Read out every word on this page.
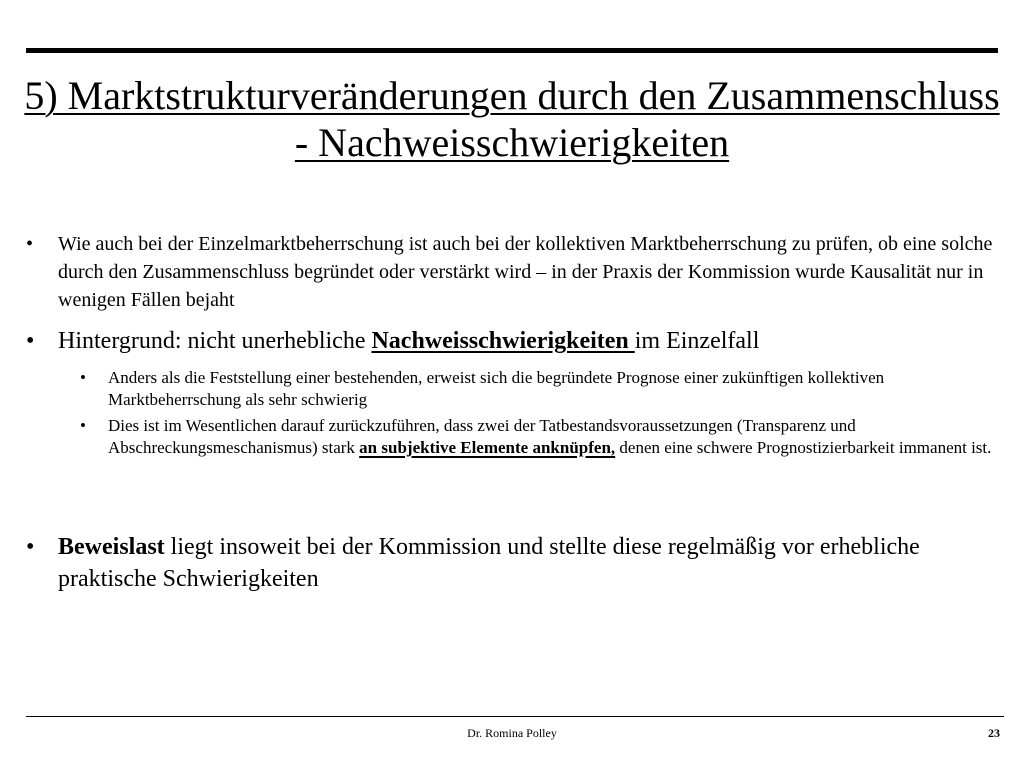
5) Marktstrukturveränderungen durch den Zusammenschluss
- Nachweisschwierigkeiten
• Wie auch bei der Einzelmarktbeherrschung ist auch bei der kollektiven Marktbeherrschung zu prüfen, ob eine solche durch den Zusammenschluss begründet oder verstärkt wird – in der Praxis der Kommission wurde Kausalität nur in wenigen Fällen bejaht
• Hintergrund: nicht unerhebliche Nachweisschwierigkeiten im Einzelfall
• Anders als die Feststellung einer bestehenden, erweist sich die begründete Prognose einer zukünftigen kollektiven Marktbeherrschung als sehr schwierig
• Dies ist im Wesentlichen darauf zurückzuführen, dass zwei der Tatbestandsvoraussetzungen (Transparenz und Abschreckungsmeschanismus) stark an subjektive Elemente anknüpfen, denen eine schwere Prognostizierbarkeit immanent ist.
• Beweislast liegt insoweit bei der Kommission und stellte diese regelmäßig vor erhebliche praktische Schwierigkeiten
Dr. Romina Polley	23
